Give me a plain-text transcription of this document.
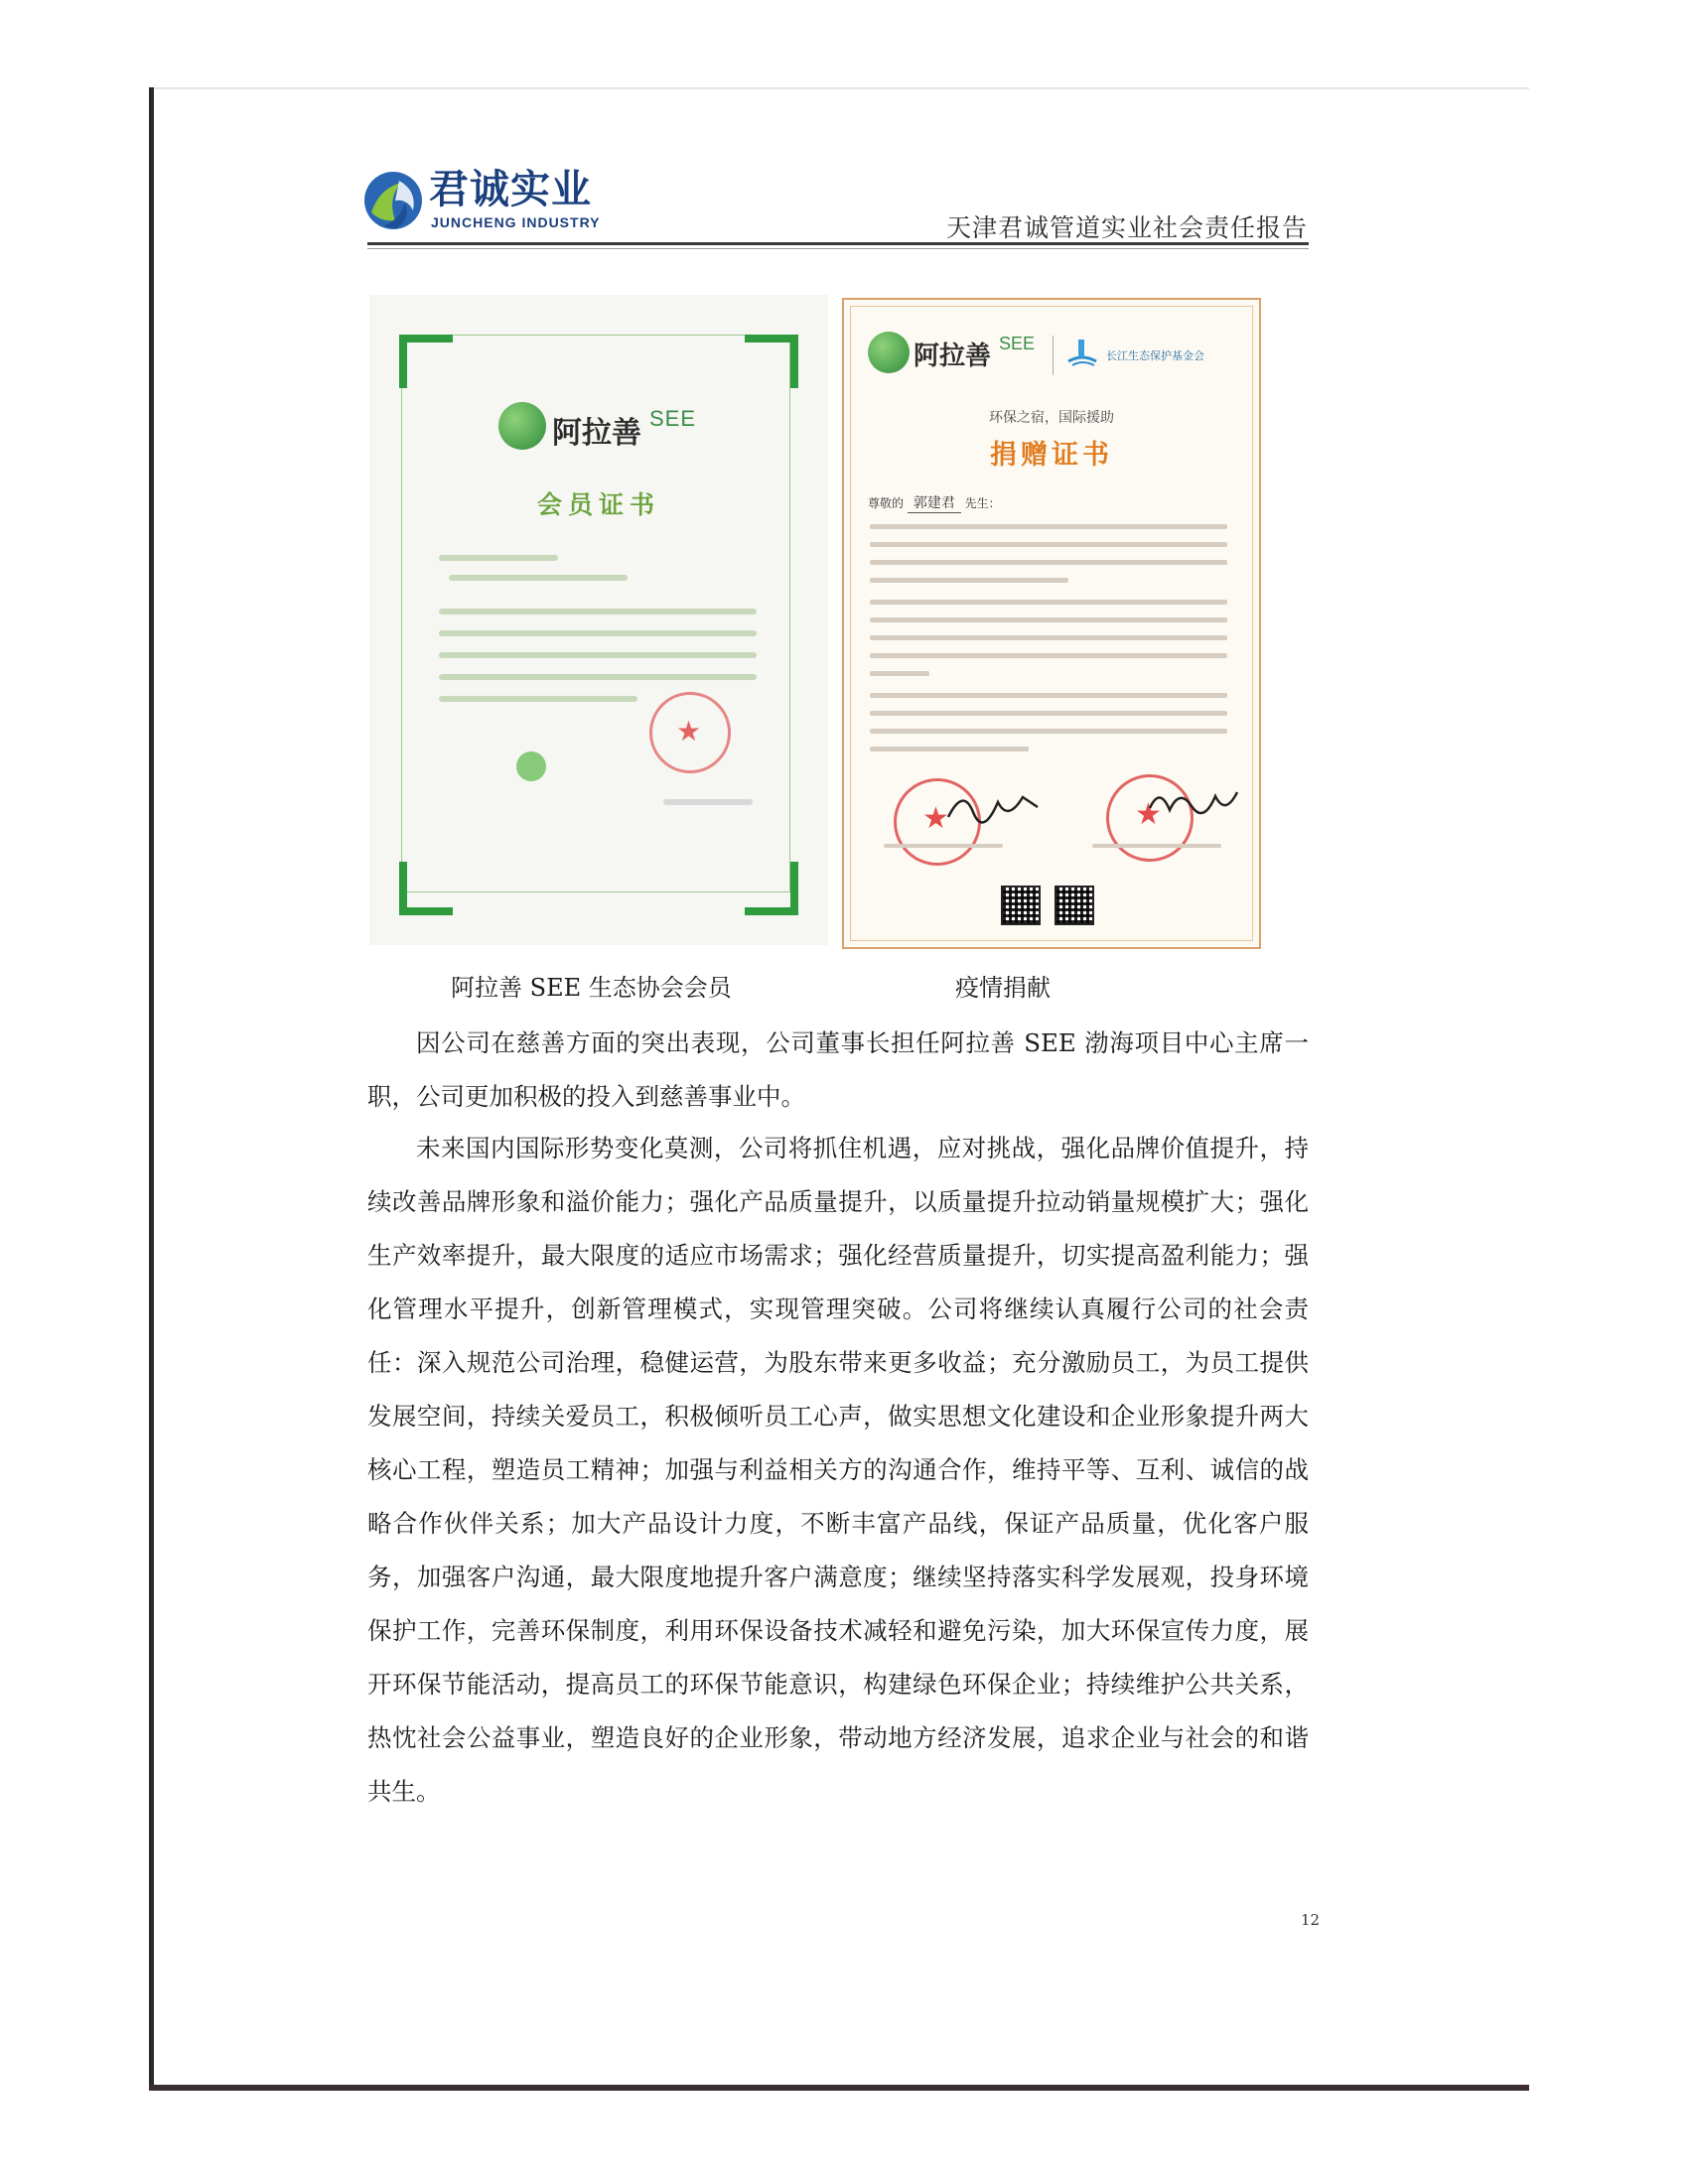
君诚实业
JUNCHENG INDUSTRY	天津君诚管道实业社会责任报告
阿拉善 SEE
会员证书
★
阿拉善 SEE
长江生态保护基金会
环保之宿，国际援助
捐赠证书
尊敬的 郭建君 先生：
★	★
阿拉善 SEE 生态协会会员	疫情捐献

因公司在慈善方面的突出表现，公司董事长担任阿拉善 SEE 渤海项目中心主席一职，公司更加积极的投入到慈善事业中。

未来国内国际形势变化莫测，公司将抓住机遇，应对挑战，强化品牌价值提升，持续改善品牌形象和溢价能力；强化产品质量提升，以质量提升拉动销量规模扩大；强化生产效率提升，最大限度的适应市场需求；强化经营质量提升，切实提高盈利能力；强化管理水平提升，创新管理模式，实现管理突破。公司将继续认真履行公司的社会责任：深入规范公司治理，稳健运营，为股东带来更多收益；充分激励员工，为员工提供发展空间，持续关爱员工，积极倾听员工心声，做实思想文化建设和企业形象提升两大核心工程，塑造员工精神；加强与利益相关方的沟通合作，维持平等、互利、诚信的战略合作伙伴关系；加大产品设计力度，不断丰富产品线，保证产品质量，优化客户服务，加强客户沟通，最大限度地提升客户满意度；继续坚持落实科学发展观，投身环境保护工作，完善环保制度，利用环保设备技术减轻和避免污染，加大环保宣传力度，展开环保节能活动，提高员工的环保节能意识，构建绿色环保企业；持续维护公共关系，热忱社会公益事业，塑造良好的企业形象，带动地方经济发展，追求企业与社会的和谐共生。

12
